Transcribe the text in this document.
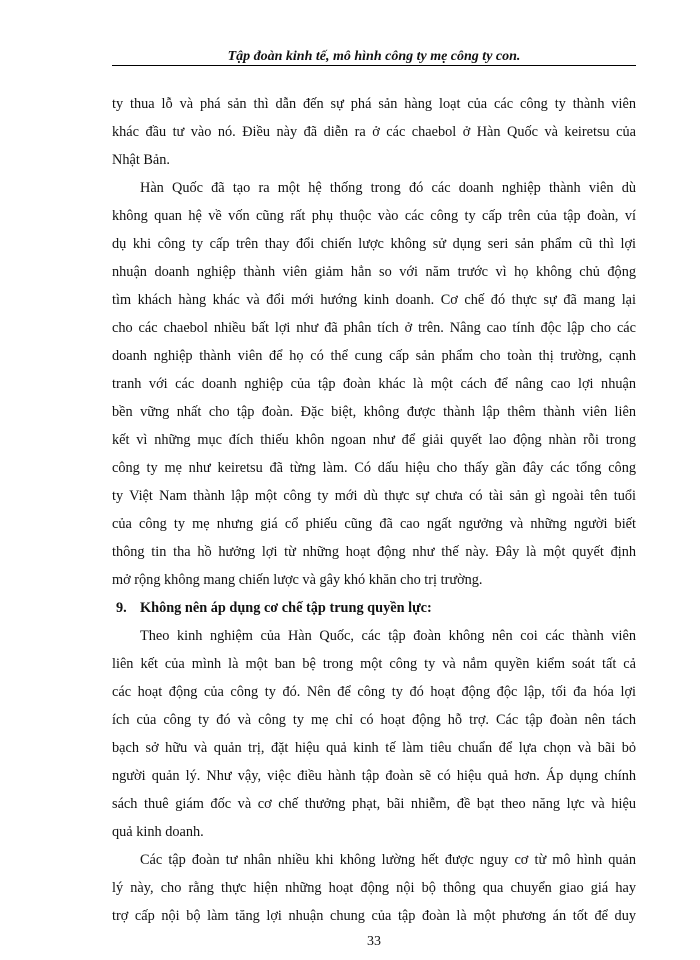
Tập đoàn kinh tế, mô hình công ty mẹ công ty con.
ty thua lỗ và phá sản thì dẫn đến sự phá sản hàng loạt của các công ty thành viên
khác đầu tư vào nó. Điều này đã diễn ra ở các chaebol ở Hàn Quốc và keiretsu của
Nhật Bản.
Hàn Quốc đã tạo ra một hệ thống trong đó các doanh nghiệp thành viên dù
không quan hệ về vốn cũng rất phụ thuộc vào các công ty cấp trên của tập đoàn, ví
dụ khi công ty cấp trên thay đổi chiến lược không sử dụng seri sản phẩm cũ thì lợi
nhuận doanh nghiệp thành viên giảm hẳn so với năm trước vì họ không chủ động
tìm khách hàng khác và đổi mới hướng kinh doanh. Cơ chế đó thực sự đã mang lại
cho các chaebol nhiều bất lợi như đã phân tích ở trên. Nâng cao tính độc lập cho các
doanh nghiệp thành viên để họ có thể cung cấp sản phẩm cho toàn thị trường, cạnh
tranh với các doanh nghiệp của tập đoàn khác là một cách để nâng cao lợi nhuận
bền vững nhất cho tập đoàn. Đặc biệt, không được thành lập thêm thành viên liên
kết vì những mục đích thiếu khôn ngoan như để giải quyết lao động nhàn rỗi trong
công ty mẹ như keiretsu đã từng làm. Có dấu hiệu cho thấy gần đây các tổng công
ty Việt Nam thành lập một công ty mới dù thực sự chưa có tài sản gì ngoài tên tuổi
của công ty mẹ nhưng giá cổ phiếu cũng đã cao ngất ngưởng và những người biết
thông tin tha hồ hưởng lợi từ những hoạt động như thế này. Đây là một quyết định
mở rộng không mang chiến lược và gây khó khăn cho trị trường.
9. Không nên áp dụng cơ chế tập trung quyền lực:
Theo kinh nghiệm của Hàn Quốc, các tập đoàn không nên coi các thành viên
liên kết của mình là một ban bệ trong một công ty và nắm quyền kiểm soát tất cả
các hoạt động của công ty đó. Nên để công ty đó hoạt động độc lập, tối đa hóa lợi
ích của công ty đó và công ty mẹ chỉ có hoạt động hỗ trợ. Các tập đoàn nên tách
bạch sở hữu và quản trị, đặt hiệu quả kinh tế làm tiêu chuẩn để lựa chọn và bãi bỏ
người quản lý. Như vậy, việc điều hành tập đoàn sẽ có hiệu quả hơn. Áp dụng chính
sách thuê giám đốc và cơ chế thưởng phạt, bãi nhiễm, đề bạt theo năng lực và hiệu
quả kinh doanh.
Các tập đoàn tư nhân nhiều khi không lường hết được nguy cơ từ mô hình quản
lý này, cho rằng thực hiện những hoạt động nội bộ thông qua chuyển giao giá hay
trợ cấp nội bộ làm tăng lợi nhuận chung của tập đoàn là một phương án tốt để duy
33
